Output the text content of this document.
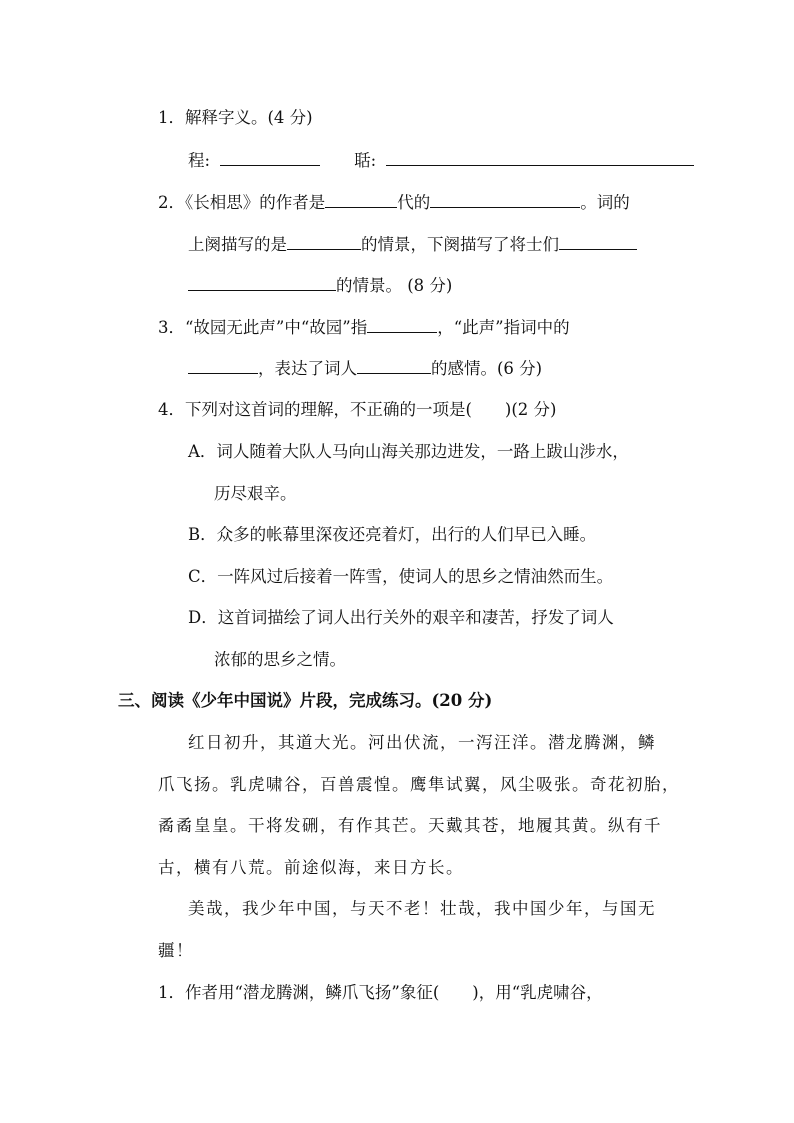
1．解释字义。(4 分)
程:	聒:
2．《长相思》的作者是	代的	。词的
上阕描写的是	的情景，下阕描写了将士们
的情景。 (8 分)
3．“故园无此声”中“故园”指	，“此声”指词中的
，表达了词人	的感情。(6 分)
4．下列对这首词的理解，不正确的一项是(　　)(2 分)
A．词人随着大队人马向山海关那边进发，一路上跋山涉水，
历尽艰辛。
B．众多的帐幕里深夜还亮着灯，出行的人们早已入睡。
C．一阵风过后接着一阵雪，使词人的思乡之情油然而生。
D．这首词描绘了词人出行关外的艰辛和凄苦，抒发了词人
浓郁的思乡之情。
三、阅读《少年中国说》片段，完成练习。(20 分)
红日初升，其道大光。河出伏流，一泻汪洋。潜龙腾渊，鳞
爪飞扬。乳虎啸谷，百兽震惶。鹰隼试翼，风尘吸张。奇花初胎，
矞矞皇皇。干将发硎，有作其芒。天戴其苍，地履其黄。纵有千
古，横有八荒。前途似海，来日方长。
美哉，我少年中国，与天不老！壮哉，我中国少年，与国无
疆！
1．作者用“潜龙腾渊，鳞爪飞扬”象征(　　)，用“乳虎啸谷，
